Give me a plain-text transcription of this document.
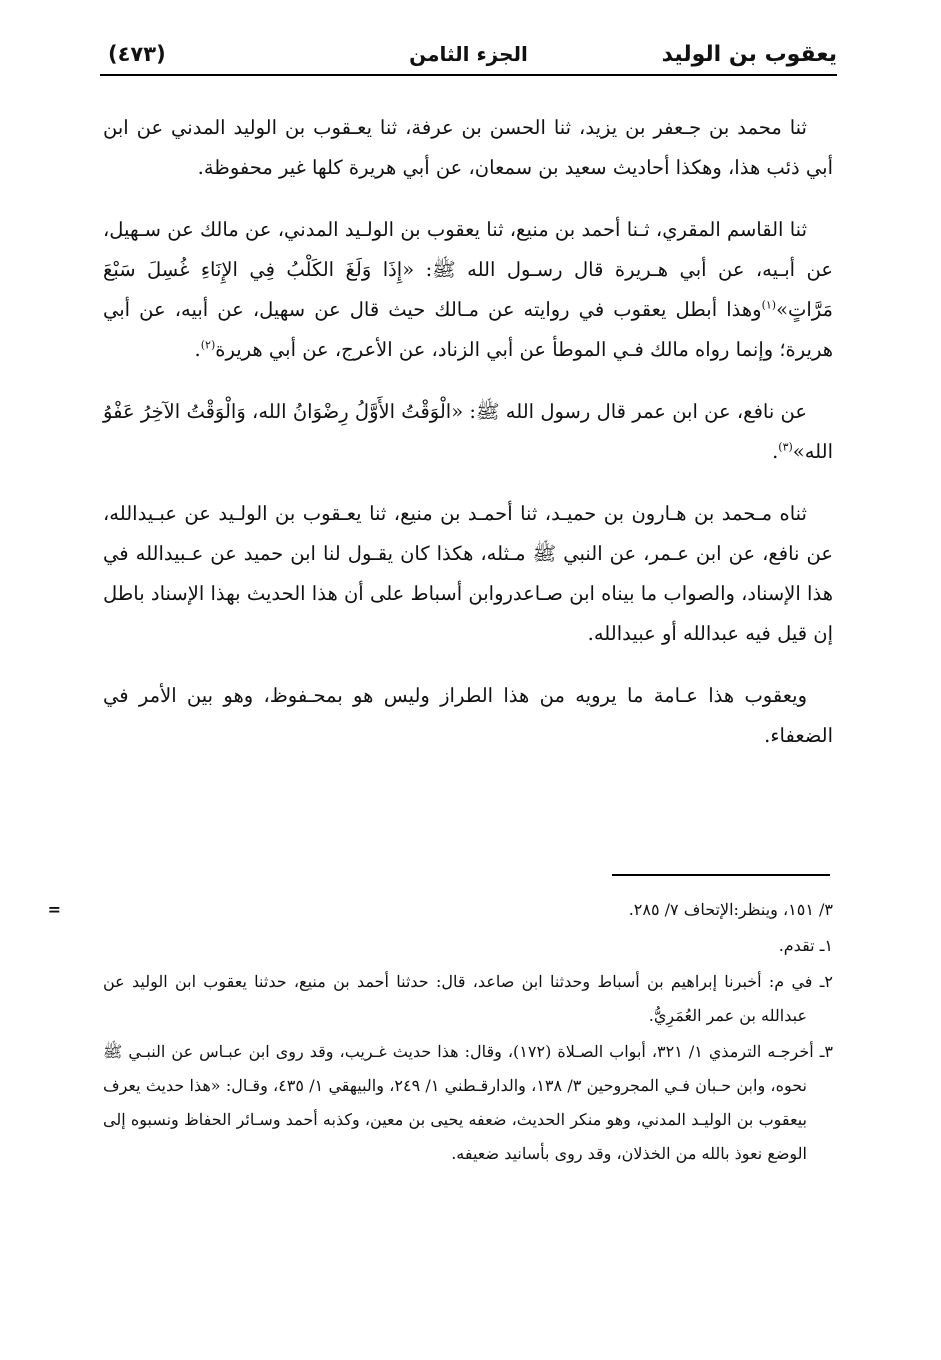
يعقوب بن الوليد
الجزء الثامن
(٤٧٣)

ثنا محمد بن جـعفر بن يزيد، ثنا الحسن بن عرفة، ثنا يعـقوب بن الوليد المدني عن ابن أبي ذئب هذا، وهكذا أحاديث سعيد بن سمعان، عن أبي هريرة كلها غير محفوظة.

ثنا القاسم المقري، ثـنا أحمد بن منيع، ثنا يعقوب بن الولـيد المدني، عن مالك عن سـهيل، عن أبـيه، عن أبي هـريرة قال رسـول الله ﷺ: «إِذَا وَلَغَ الكَلْبُ فِي الإِنَاءِ غُسِلَ سَبْعَ مَرَّاتٍ»$^{(١)}$وهذا أبطل يعقوب في روايته عن مـالك حيث قال عن سهيل، عن أبيه، عن أبي هريرة؛ وإنما رواه مالك فـي الموطأ عن أبي الزناد، عن الأعرج، عن أبي هريرة$^{(٢)}$.

عن نافع، عن ابن عمر قال رسول الله ﷺ: «الْوَقْتُ الأَوَّلُ رِضْوَانُ الله، وَالْوَقْتُ الآخِرُ عَفْوُ الله»$^{(٣)}$.

ثناه مـحمد بن هـارون بن حميـد، ثنا أحمـد بن منيع، ثنا يعـقوب بن الولـيد عن عبـيدالله، عن نافع، عن ابن عـمر، عن النبي ﷺ مـثله، هكذا كان يقـول لنا ابن حميد عن عـبيدالله في هذا الإسناد، والصواب ما بيناه ابن صـاعدروابن أسباط على أن هذا الحديث بهذا الإسناد باطل إن قيل فيه عبدالله أو عبيدالله.

ويعقوب هذا عـامة ما يرويه من هذا الطراز وليس هو بمحـفوظ، وهو بين الأمر في الضعفاء.

=	٣/ ١٥١، وينظر:الإتحاف ٧/ ٢٨٥.

١ـ تقدم.

٢ـ في م: أخبرنا إبراهيم بن أسباط وحدثنا ابن صاعد، قال: حدثنا أحمد بن منيع، حدثنا يعقوب ابن الوليد عن عبدالله بن عمر العُمَرِيُّ.

٣ـ أخرجـه الترمذي ١/ ٣٢١، أبواب الصـلاة (١٧٢)، وقال: هذا حديث غـريب، وقد روى ابن عبـاس عن النبـي ﷺ نحوه، وابن حـبان فـي المجروحين ٣/ ١٣٨، والدارقـطني ١/ ٢٤٩، والبيهقي ١/ ٤٣٥، وقـال: «هذا حديث يعرف بيعقوب بن الوليـد المدني، وهو منكر الحديث، ضعفه يحيى بن معين، وكذبه أحمد وسـائر الحفاظ ونسبوه إلى الوضع نعوذ بالله من الخذلان، وقد روى بأسانيد ضعيفه.
